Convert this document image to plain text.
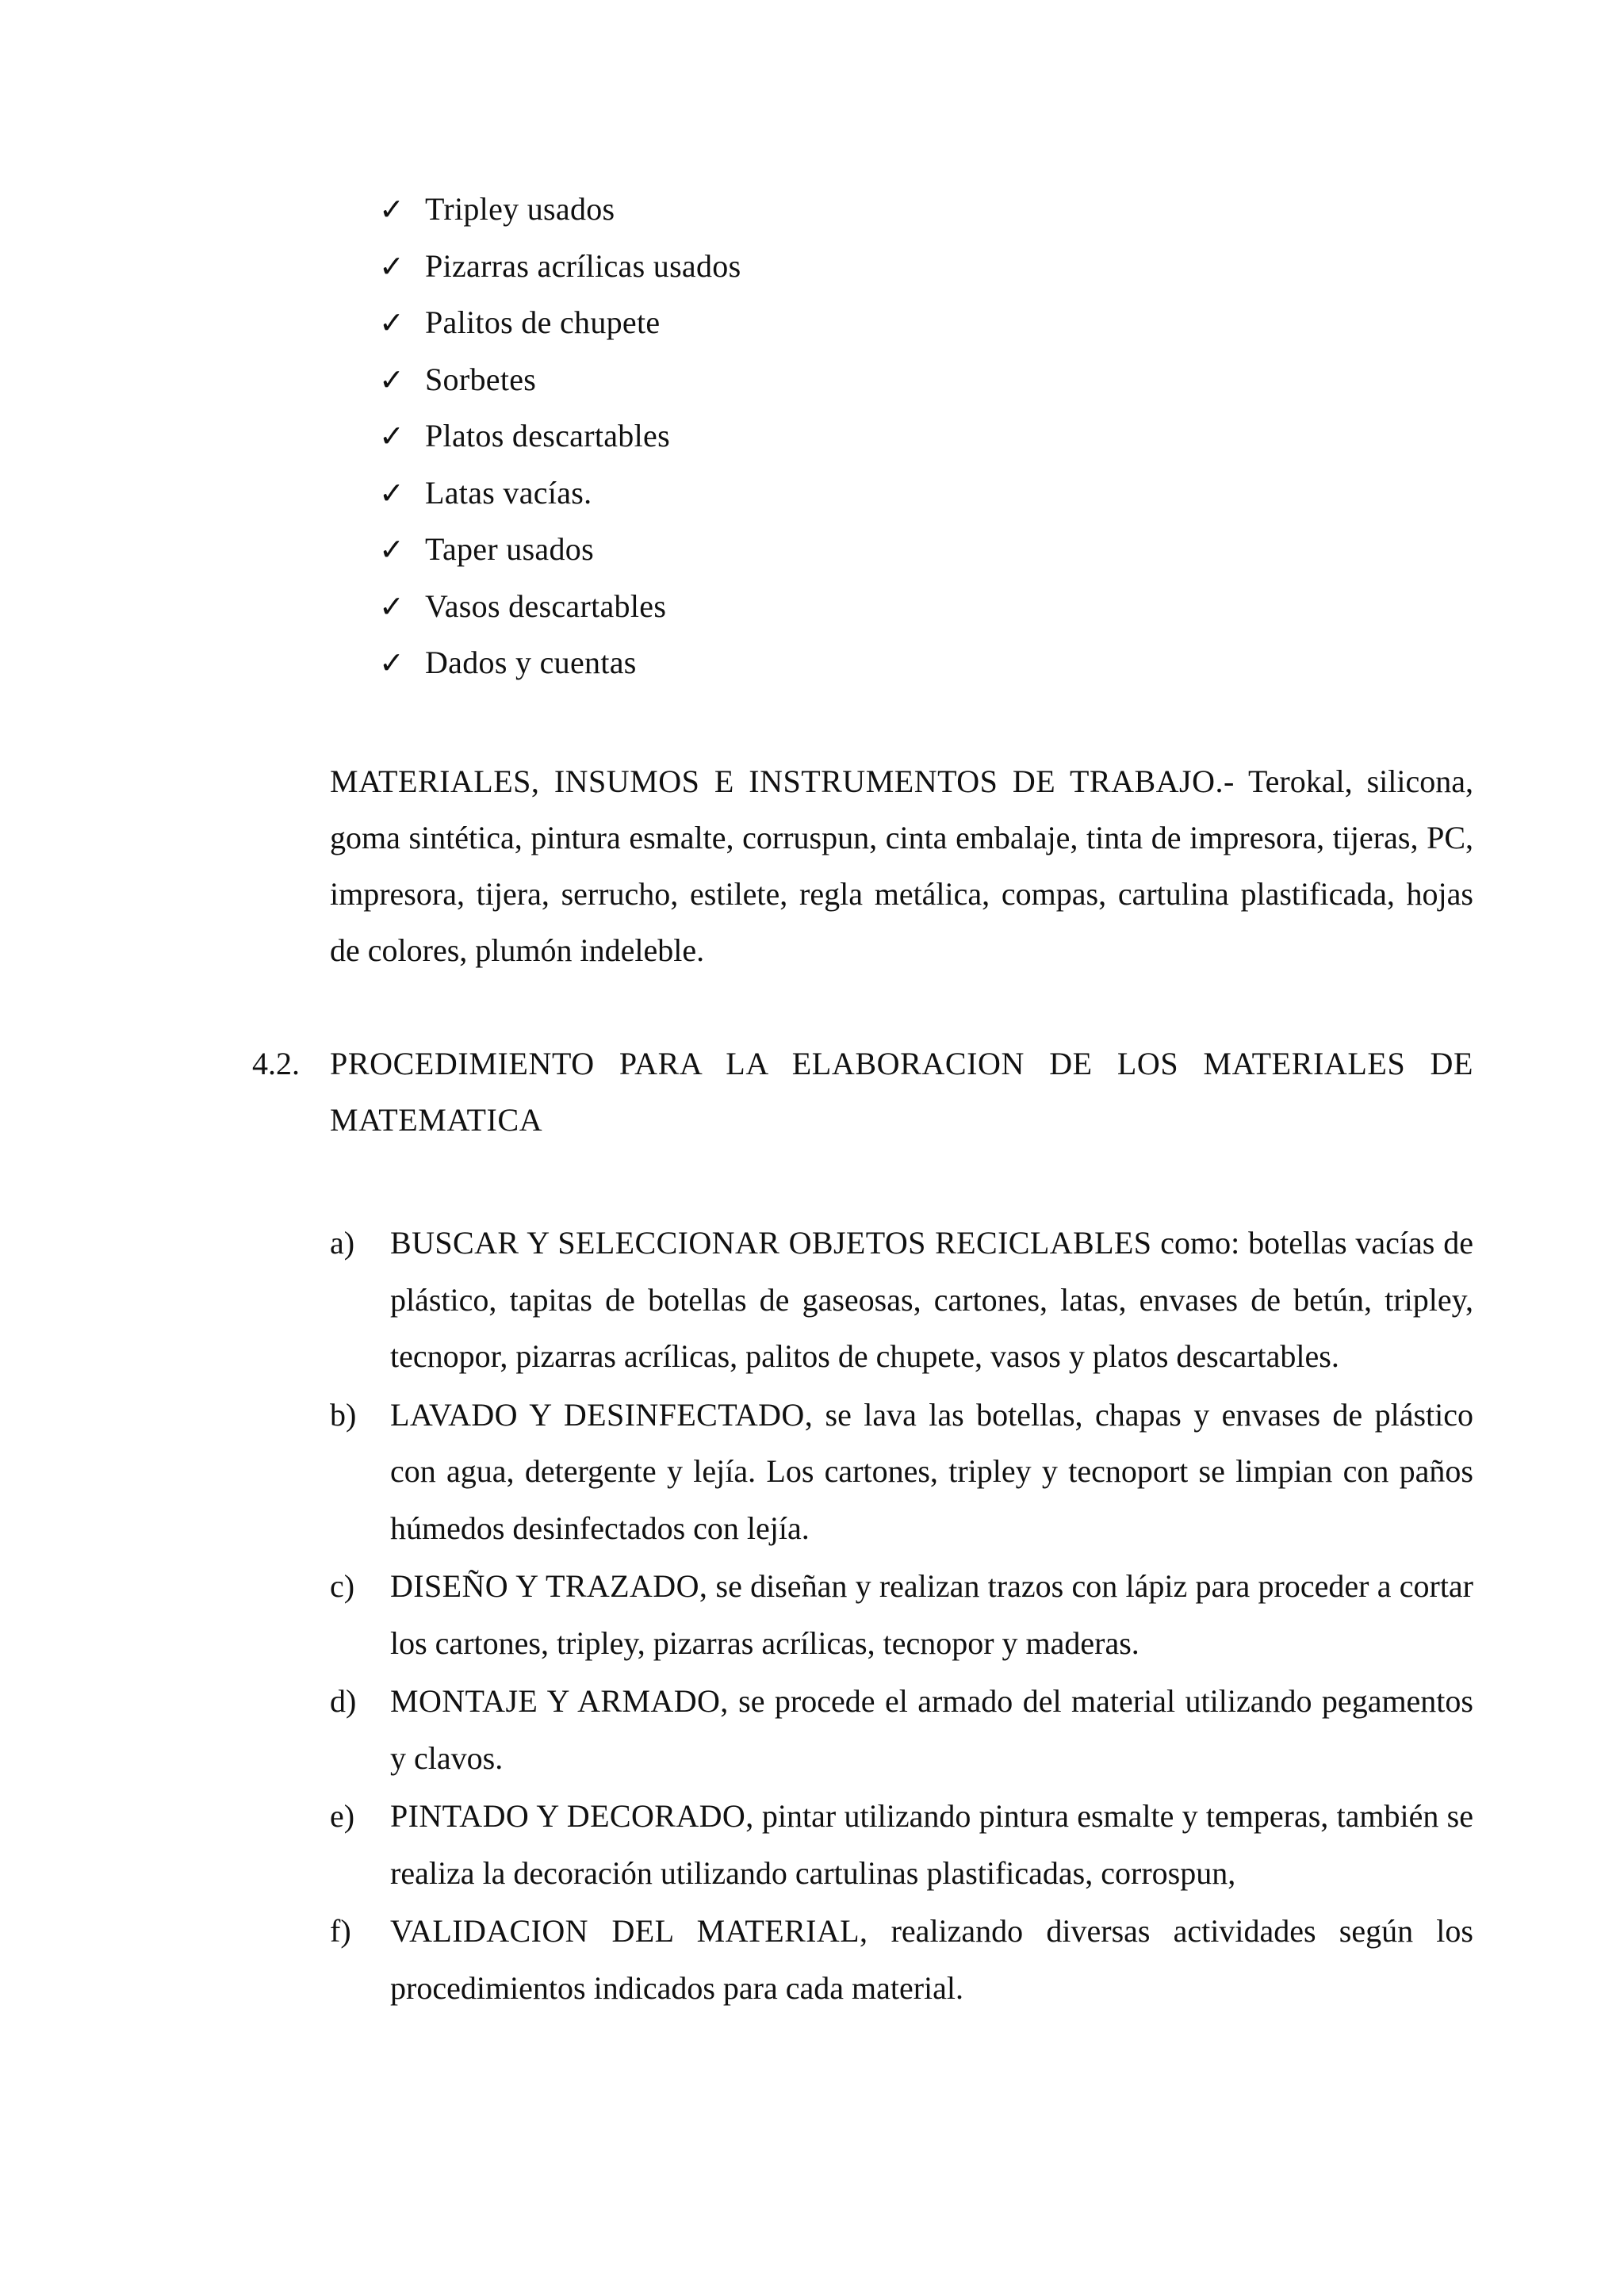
✓ Tripley usados
✓ Pizarras acrílicas usados
✓ Palitos de chupete
✓ Sorbetes
✓ Platos descartables
✓ Latas vacías.
✓ Taper usados
✓ Vasos descartables
✓ Dados y cuentas

MATERIALES, INSUMOS E INSTRUMENTOS DE TRABAJO.- Terokal, silicona, goma sintética, pintura esmalte, corruspun, cinta embalaje, tinta de impresora, tijeras, PC, impresora, tijera, serrucho, estilete, regla metálica, compas, cartulina plastificada, hojas de colores, plumón indeleble.

4.2. PROCEDIMIENTO PARA LA ELABORACION DE LOS MATERIALES DE MATEMATICA

a) BUSCAR Y SELECCIONAR OBJETOS RECICLABLES como: botellas vacías de plástico, tapitas de botellas de gaseosas, cartones, latas, envases de betún, tripley, tecnopor, pizarras acrílicas, palitos de chupete, vasos y platos descartables.
b) LAVADO Y DESINFECTADO, se lava las botellas, chapas y envases de plástico con agua, detergente y lejía. Los cartones, tripley y tecnoport se limpian con paños húmedos desinfectados con lejía.
c) DISEÑO Y TRAZADO, se diseñan y realizan trazos con lápiz para proceder a cortar los cartones, tripley, pizarras acrílicas, tecnopor y maderas.
d) MONTAJE Y ARMADO, se procede el armado del material utilizando pegamentos y clavos.
e) PINTADO Y DECORADO, pintar utilizando pintura esmalte y temperas, también se realiza la decoración utilizando cartulinas plastificadas, corrospun,
f) VALIDACION DEL MATERIAL, realizando diversas actividades según los procedimientos indicados para cada material.
